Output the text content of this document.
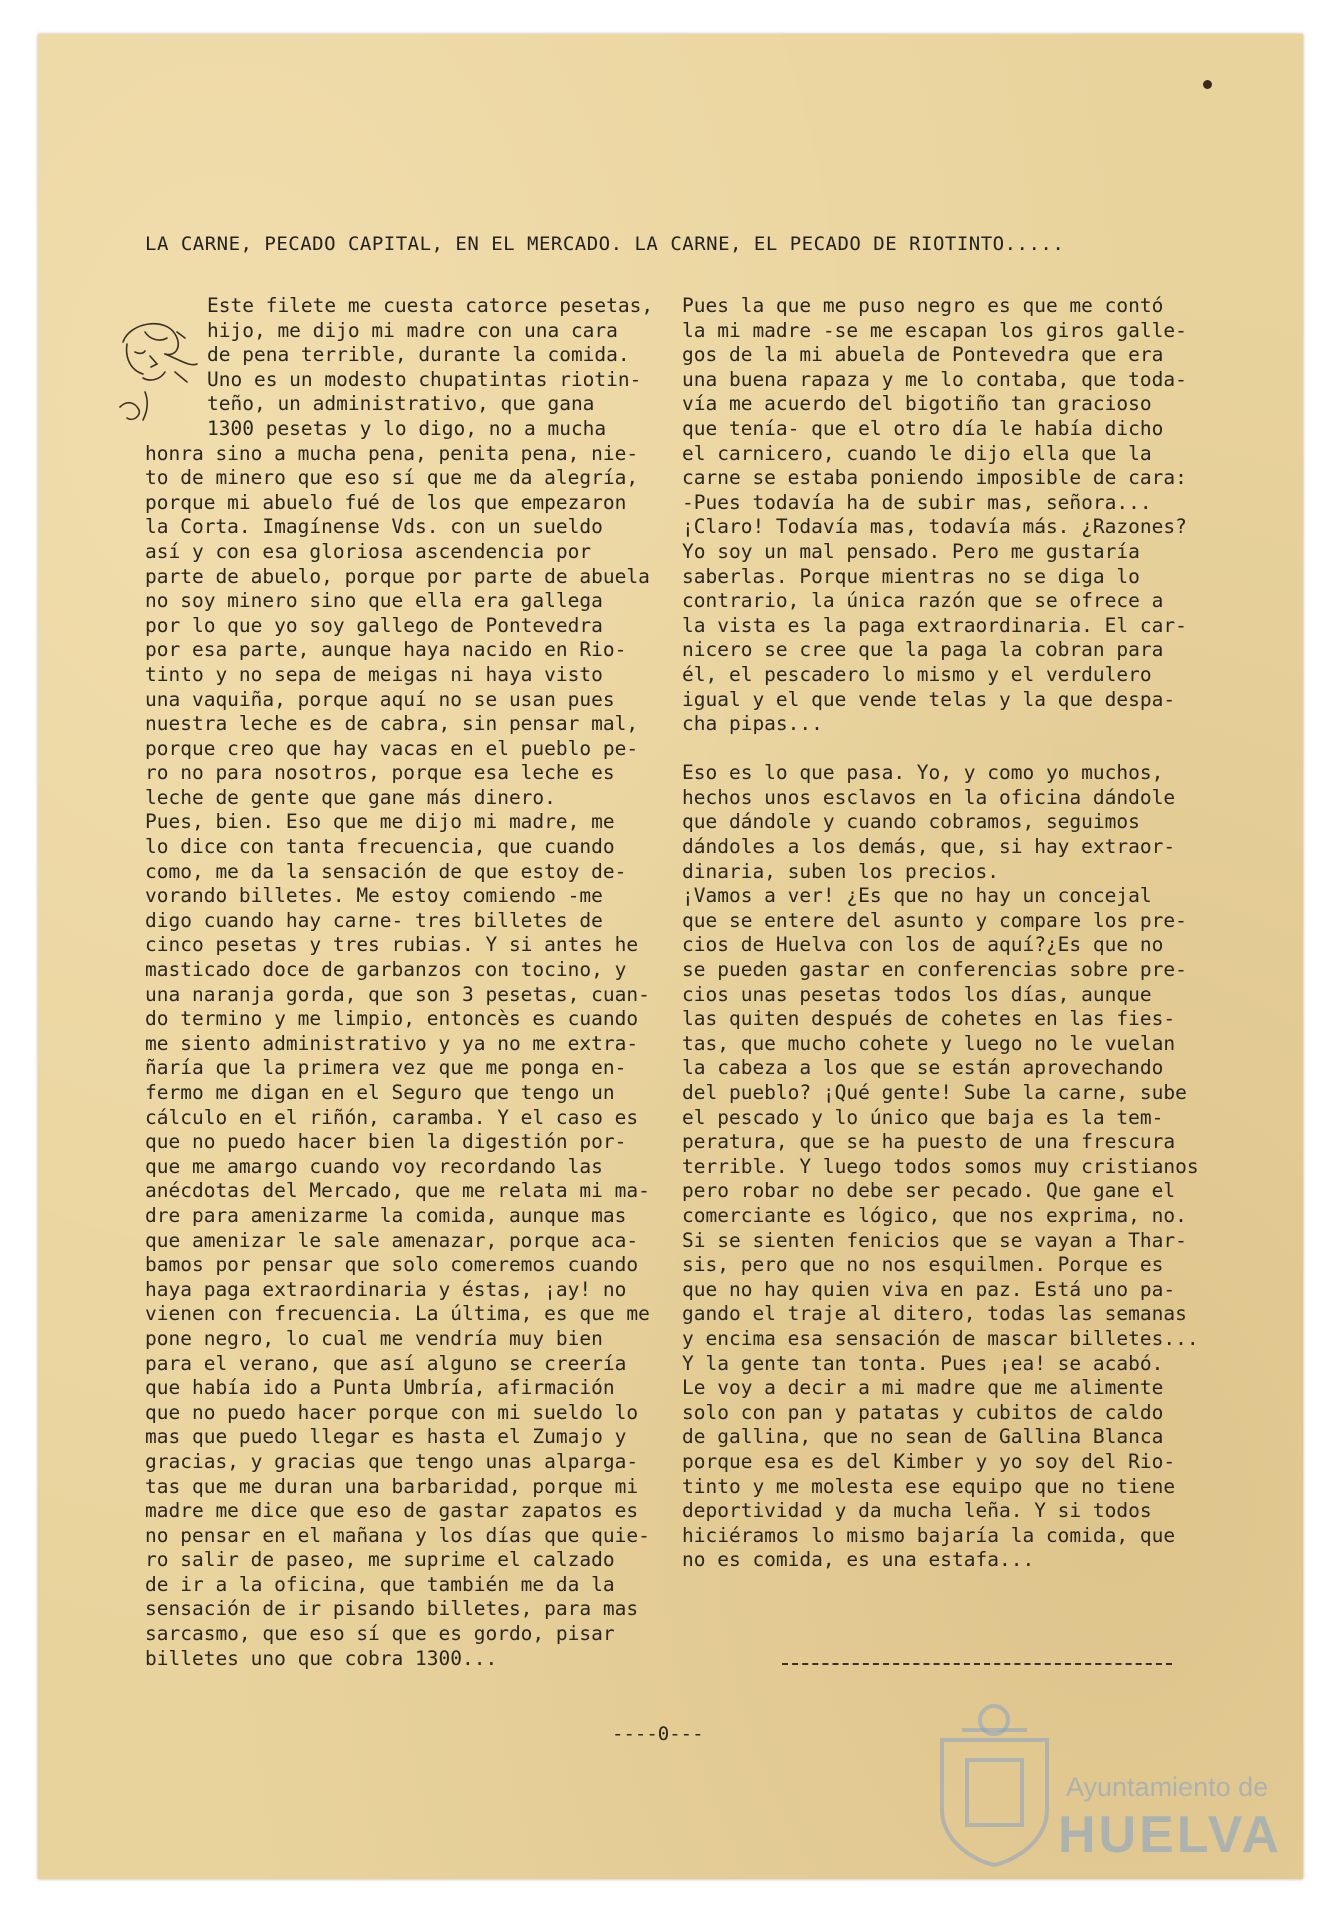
LA CARNE, PECADO CAPITAL, EN EL MERCADO. LA CARNE, EL PECADO DE RIOTINTO.....
Este filete me cuesta catorce pesetas,
hijo, me dijo mi madre con una cara
de pena terrible, durante la comida.
Uno es un modesto chupatintas riotin-
teño, un administrativo, que gana
1300 pesetas y lo digo, no a mucha
honra sino a mucha pena, penita pena, nie-
to de minero que eso sí que me da alegría,
porque mi abuelo fué de los que empezaron
la Corta. Imagínense Vds. con un sueldo
así y con esa gloriosa ascendencia por
parte de abuelo, porque por parte de abuela
no soy minero sino que ella era gallega
por lo que yo soy gallego de Pontevedra
por esa parte, aunque haya nacido en Rio-
tinto y no sepa de meigas ni haya visto
una vaquiña, porque aquí no se usan pues
nuestra leche es de cabra, sin pensar mal,
porque creo que hay vacas en el pueblo pe-
ro no para nosotros, porque esa leche es
leche de gente que gane más dinero.
Pues, bien. Eso que me dijo mi madre, me
lo dice con tanta frecuencia, que cuando
como, me da la sensación de que estoy de-
vorando billetes. Me estoy comiendo -me
digo cuando hay carne- tres billetes de
cinco pesetas y tres rubias. Y si antes he
masticado doce de garbanzos con tocino, y
una naranja gorda, que son 3 pesetas, cuan-
do termino y me limpio, entoncès es cuando
me siento administrativo y ya no me extra-
ñaría que la primera vez que me ponga en-
fermo me digan en el Seguro que tengo un
cálculo en el riñón, caramba. Y el caso es
que no puedo hacer bien la digestión por-
que me amargo cuando voy recordando las
anécdotas del Mercado, que me relata mi ma-
dre para amenizarme la comida, aunque mas
que amenizar le sale amenazar, porque aca-
bamos por pensar que solo comeremos cuando
haya paga extraordinaria y éstas, ¡ay! no
vienen con frecuencia. La última, es que me
pone negro, lo cual me vendría muy bien
para el verano, que así alguno se creería
que había ido a Punta Umbría, afirmación
que no puedo hacer porque con mi sueldo lo
mas que puedo llegar es hasta el Zumajo y
gracias, y gracias que tengo unas alparga-
tas que me duran una barbaridad, porque mi
madre me dice que eso de gastar zapatos es
no pensar en el mañana y los días que quie-
ro salir de paseo, me suprime el calzado
de ir a la oficina, que también me da la
sensación de ir pisando billetes, para mas
sarcasmo, que eso sí que es gordo, pisar
billetes uno que cobra 1300...
Pues la que me puso negro es que me contó
la mi madre -se me escapan los giros galle-
gos de la mi abuela de Pontevedra que era
una buena rapaza y me lo contaba, que toda-
vía me acuerdo del bigotiño tan gracioso
que tenía- que el otro día le había dicho
el carnicero, cuando le dijo ella que la
carne se estaba poniendo imposible de cara:
-Pues todavía ha de subir mas, señora...
¡Claro! Todavía mas, todavía más. ¿Razones?
Yo soy un mal pensado. Pero me gustaría
saberlas. Porque mientras no se diga lo
contrario, la única razón que se ofrece a
la vista es la paga extraordinaria. El car-
nicero se cree que la paga la cobran para
él, el pescadero lo mismo y el verdulero
igual y el que vende telas y la que despa-
cha pipas...
Eso es lo que pasa. Yo, y como yo muchos,
hechos unos esclavos en la oficina dándole
que dándole y cuando cobramos, seguimos
dándoles a los demás, que, si hay extraor-
dinaria, suben los precios.
¡Vamos a ver! ¿Es que no hay un concejal
que se entere del asunto y compare los pre-
cios de Huelva con los de aquí?¿Es que no
se pueden gastar en conferencias sobre pre-
cios unas pesetas todos los días, aunque
las quiten después de cohetes en las fies-
tas, que mucho cohete y luego no le vuelan
la cabeza a los que se están aprovechando
del pueblo? ¡Qué gente! Sube la carne, sube
el pescado y lo único que baja es la tem-
peratura, que se ha puesto de una frescura
terrible. Y luego todos somos muy cristianos
pero robar no debe ser pecado. Que gane el
comerciante es lógico, que nos exprima, no.
Si se sienten fenicios que se vayan a Thar-
sis, pero que no nos esquilmen. Porque es
que no hay quien viva en paz. Está uno pa-
gando el traje al ditero, todas las semanas
y encima esa sensación de mascar billetes...
Y la gente tan tonta. Pues ¡ea! se acabó.
Le voy a decir a mi madre que me alimente
solo con pan y patatas y cubitos de caldo
de gallina, que no sean de Gallina Blanca
porque esa es del Kimber y yo soy del Rio-
tinto y me molesta ese equipo que no tiene
deportividad y da mucha leña. Y si todos
hiciéramos lo mismo bajaría la comida, que
no es comida, es una estafa...
----0---
Ayuntamiento de
HUELVA
